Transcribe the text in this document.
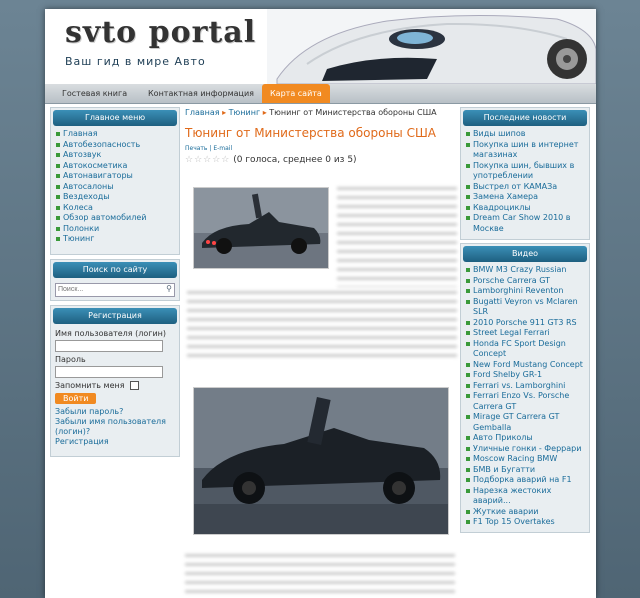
svto portal
Ваш гид в мире Авто
Гостевая книга	Контактная информация	Карта сайта
Главное меню
Главная
Автобезопасность
Автозвук
Автокосметика
Автонавигаторы
Автосалоны
Вездеходы
Колеса
Обзор автомобилей
Полонки
Тюнинг
Поиск по сайту
Поиск...
⚲
Регистрация
Имя пользователя (логин)
Пароль
Запомнить меня
Войти
Забыли пароль?
Забыли имя пользователя (логин)?
Регистрация
Главная ▸ Тюнинг ▸ Тюнинг от Министерства обороны США
Тюнинг от Министерства обороны США
Печать | E-mail
☆☆☆☆☆ (0 голоса, среднее 0 из 5)
Последние новости
Виды шипов
Покупка шин в интернет магазинах
Покупка шин, бывших в употреблении
Выстрел от КАМАЗа
Замена Хамера
Квадроциклы
Dream Car Show 2010 в Москве
Видео
BMW M3 Crazy Russian
Porsche Carrera GT
Lamborghini Reventon
Bugatti Veyron vs Mclaren SLR
2010 Porsche 911 GT3 RS
Street Legal Ferrari
Honda FC Sport Design Concept
New Ford Mustang Concept
Ford Shelby GR-1
Ferrari vs. Lamborghini
Ferrari Enzo Vs. Porsche Carrera GT
Mirage GT Carrera GT Gemballa
Авто Приколы
Уличные гонки - Феррари
Moscow Racing BMW
БМВ и Бугатти
Подборка аварий на F1
Нарезка жестоких аварий...
Жуткие аварии
F1 Top 15 Overtakes
